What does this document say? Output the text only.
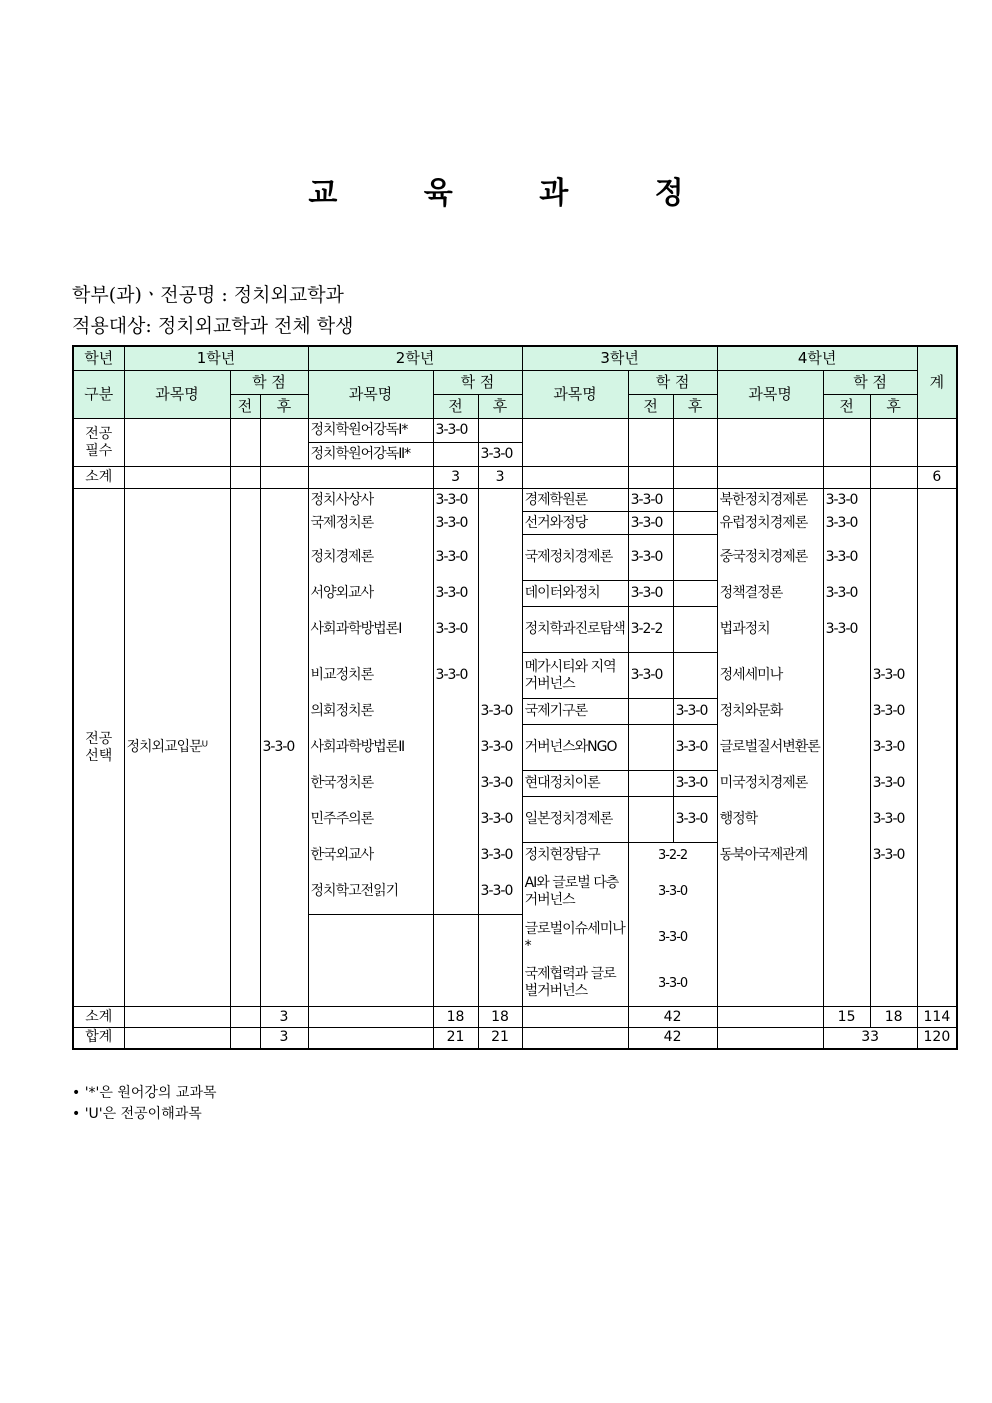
교 육 과 정
학부(과)ㆍ전공명 : 정치외교학과
적용대상: 정치외교학과 전체 학생
학년	1학년			2학년			3학년			4학년			계
구분	과목명	학 점		과목명	학 점		과목명	학 점		과목명	학 점		
		전	후		전	후		전	후		전	후	

전공
필수				정치학원어강독Ⅰ*	3-3-0								
				정치학원어강독Ⅱ*		3-3-0							
소계					3	3							6

전공
선택	정치외교입문ᵁ		3-3-0	정치사상사	3-3-0		경제학원론	3-3-0		북한정치경제론	3-3-0		
				국제정치론	3-3-0		선거와정당	3-3-0		유럽정치경제론	3-3-0		
				정치경제론	3-3-0		국제정치경제론	3-3-0		중국정치경제론	3-3-0		
				서양외교사	3-3-0		데이터와정치	3-3-0		정책결정론	3-3-0		
				사회과학방법론Ⅰ	3-3-0		정치학과진로탐색	3-2-2		법과정치	3-3-0		
				비교정치론	3-3-0		메가시티와 지역거버넌스	3-3-0		정세세미나		3-3-0	
				의회정치론		3-3-0	국제기구론		3-3-0	정치와문화		3-3-0	
				사회과학방법론Ⅱ		3-3-0	거버넌스와NGO		3-3-0	글로벌질서변환론		3-3-0	
				한국정치론		3-3-0	현대정치이론		3-3-0	미국정치경제론		3-3-0	
				민주주의론		3-3-0	일본정치경제론		3-3-0	행정학		3-3-0	
				한국외교사		3-3-0	정치현장탐구	3-2-2		동북아국제관계		3-3-0	
				정치학고전읽기		3-3-0	AI와 글로벌 다층거버넌스	3-3-0					
							글로벌이슈세미나*	3-3-0					
							국제협력과 글로벌거버넌스	3-3-0					
소계			3		18	18		42			15	18	114
합계			3		21	21		42			33		120
• '*'은 원어강의 교과목
• 'U'은 전공이해과목
